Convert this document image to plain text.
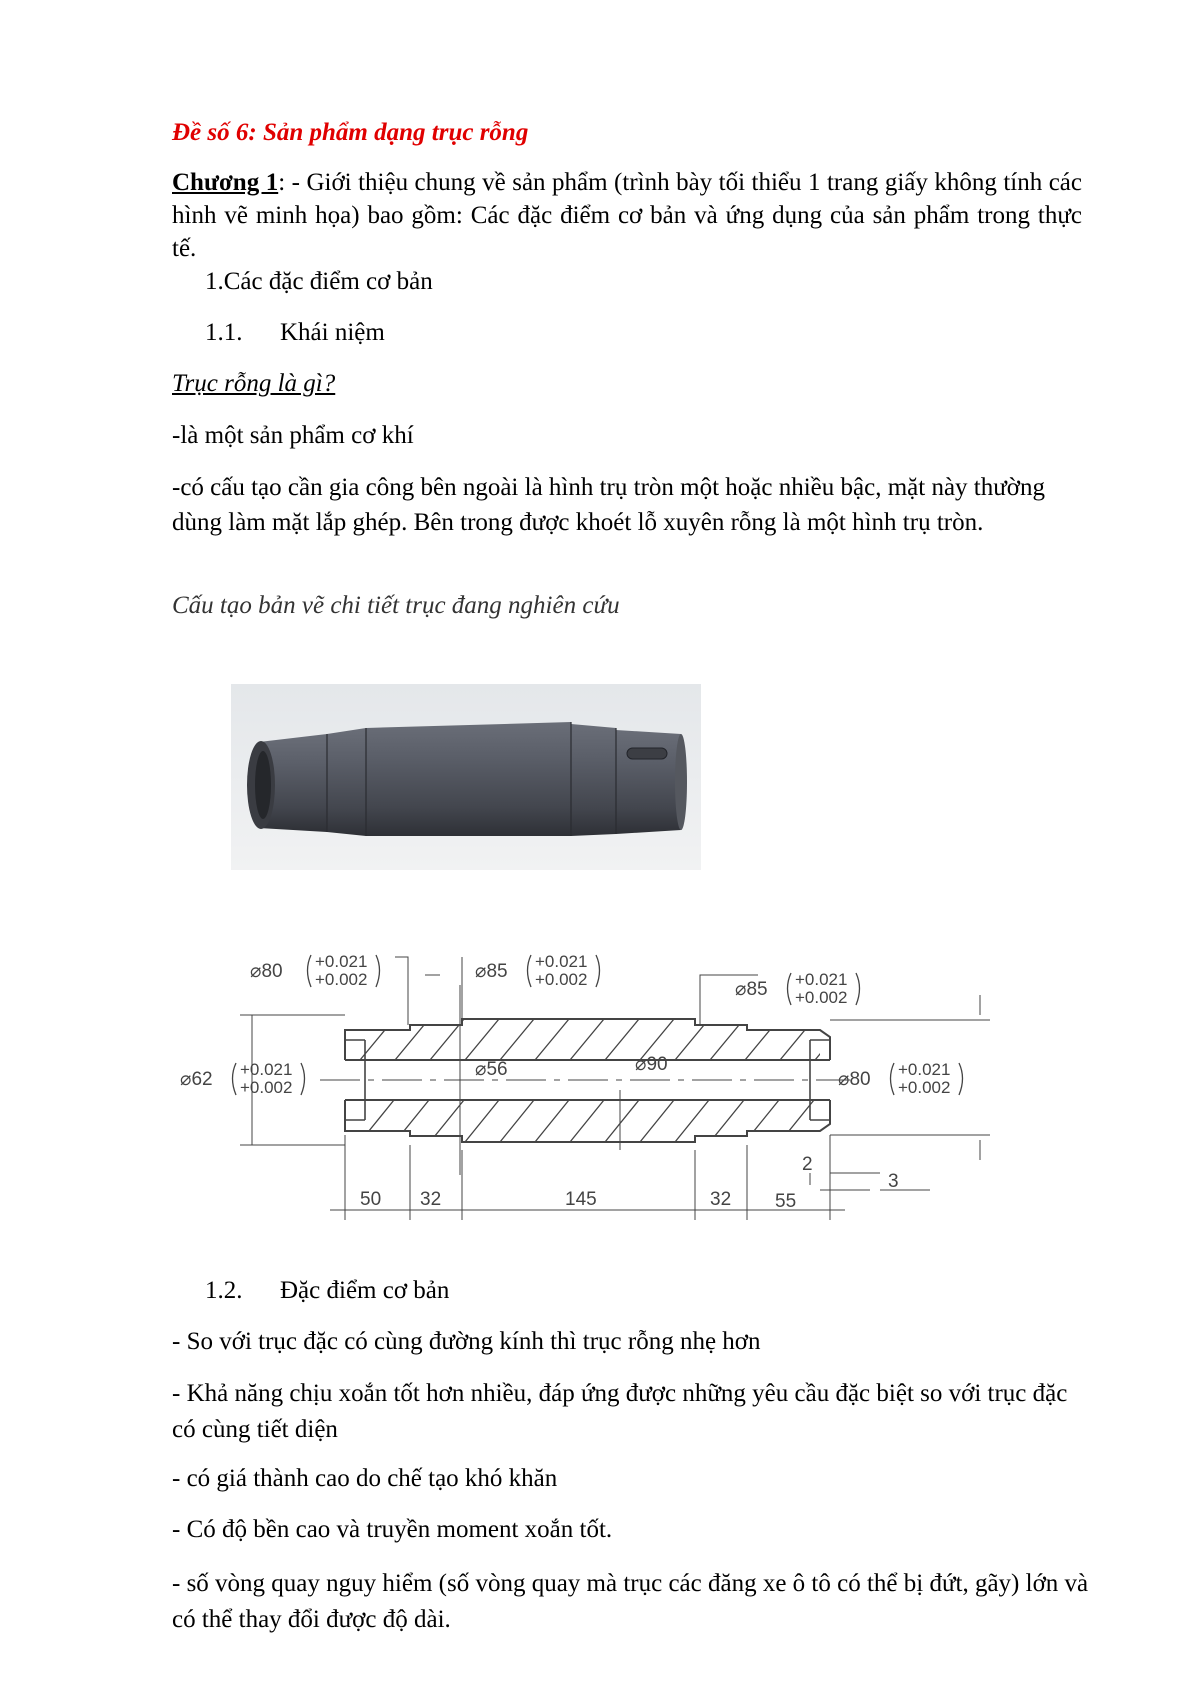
Đề số 6: Sản phẩm dạng trục rỗng
Chương 1: - Giới thiệu chung về sản phẩm (trình bày tối thiểu 1 trang giấy không tính các hình vẽ minh họa) bao gồm: Các đặc điểm cơ bản và ứng dụng của sản phẩm trong thực tế.
1.Các đặc điểm cơ bản
1.1. Khái niệm
Trục rỗng là gì?
-là một sản phẩm cơ khí
-có cấu tạo cần gia công bên ngoài là hình trụ tròn một hoặc nhiều bậc, mặt này thường dùng làm mặt lắp ghép. Bên trong được khoét lỗ xuyên rỗng là một hình trụ tròn.
Cấu tạo bản vẽ chi tiết trục đang nghiên cứu
⌀80 +0.021
+0.002	⌀85 +0.021
+0.002	⌀85 +0.021
+0.002
⌀62 +0.021
+0.002
⌀56	⌀90
⌀80 +0.021
+0.002
50 32	145	32 55
2
3
1.2. Đặc điểm cơ bản
- So với trục đặc có cùng đường kính thì trục rỗng nhẹ hơn
- Khả năng chịu xoắn tốt hơn nhiều, đáp ứng được những yêu cầu đặc biệt so với trục đặc có cùng tiết diện
- có giá thành cao do chế tạo khó khăn
- Có độ bền cao và truyền moment xoắn tốt.
- số vòng quay nguy hiểm (số vòng quay mà trục các đăng xe ô tô có thể bị đứt, gãy) lớn và có thể thay đổi được độ dài.
